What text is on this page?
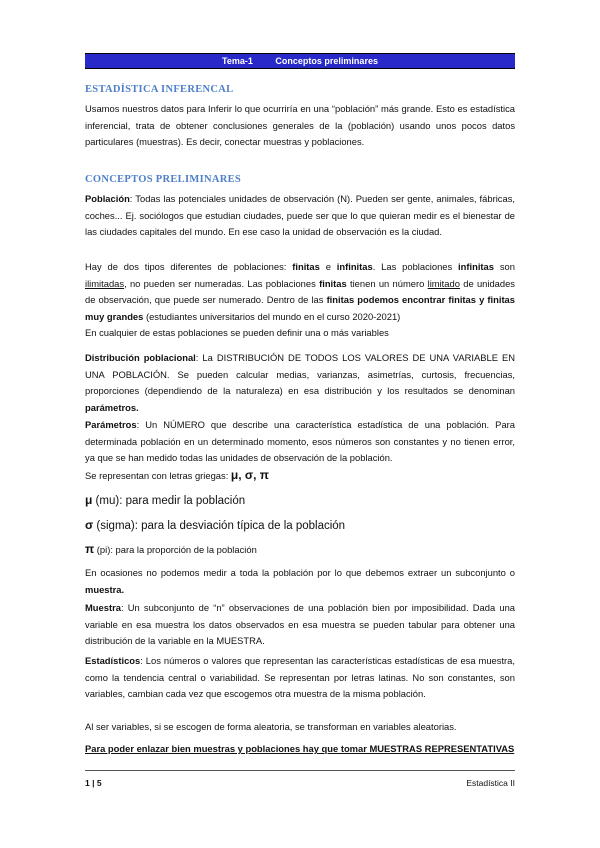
Tema-1	Conceptos preliminares
ESTADÍSTICA INFERENCAL
Usamos nuestros datos para Inferir lo que ocurriría en una “población” más grande. Esto es estadística inferencial, trata de obtener conclusiones generales de la (población) usando unos pocos datos particulares (muestras). Es decir, conectar muestras y poblaciones.
CONCEPTOS PRELIMINARES
Población: Todas las potenciales unidades de observación (N). Pueden ser gente, animales, fábricas, coches... Ej. sociólogos que estudian ciudades, puede ser que lo que quieran medir es el bienestar de las ciudades capitales del mundo. En ese caso la unidad de observación es la ciudad.
Hay de dos tipos diferentes de poblaciones: finitas e infinitas. Las poblaciones infinitas son ilimitadas, no pueden ser numeradas. Las poblaciones finitas tienen un número limitado de unidades de observación, que puede ser numerado. Dentro de las finitas podemos encontrar finitas y finitas muy grandes (estudiantes universitarios del mundo en el curso 2020-2021)
En cualquier de estas poblaciones se pueden definir una o más variables
Distribución poblacional: La DISTRIBUCIÓN DE TODOS LOS VALORES DE UNA VARIABLE EN UNA POBLACIÓN. Se pueden calcular medias, varianzas, asimetrías, curtosis, frecuencias, proporciones (dependiendo de la naturaleza) en esa distribución y los resultados se denominan parámetros.
Parámetros: Un NÚMERO que describe una característica estadística de una población. Para determinada población en un determinado momento, esos números son constantes y no tienen error, ya que se han medido todas las unidades de observación de la población.
Se representan con letras griegas: μ, σ, π
μ (mu): para medir la población
σ (sigma): para la desviación típica de la población
π (pi): para la proporción de la población
En ocasiones no podemos medir a toda la población por lo que debemos extraer un subconjunto o muestra.
Muestra: Un subconjunto de “n” observaciones de una población bien por imposibilidad. Dada una variable en esa muestra los datos observados en esa muestra se pueden tabular para obtener una distribución de la variable en la MUESTRA.
Estadísticos: Los números o valores que representan las características estadísticas de esa muestra, como la tendencia central o variabilidad. Se representan por letras latinas. No son constantes, son variables, cambian cada vez que escogemos otra muestra de la misma población.
Al ser variables, si se escogen de forma aleatoria, se transforman en variables aleatorias.
Para poder enlazar bien muestras y poblaciones hay que tomar MUESTRAS REPRESENTATIVAS
1 | 5	Estadística II
